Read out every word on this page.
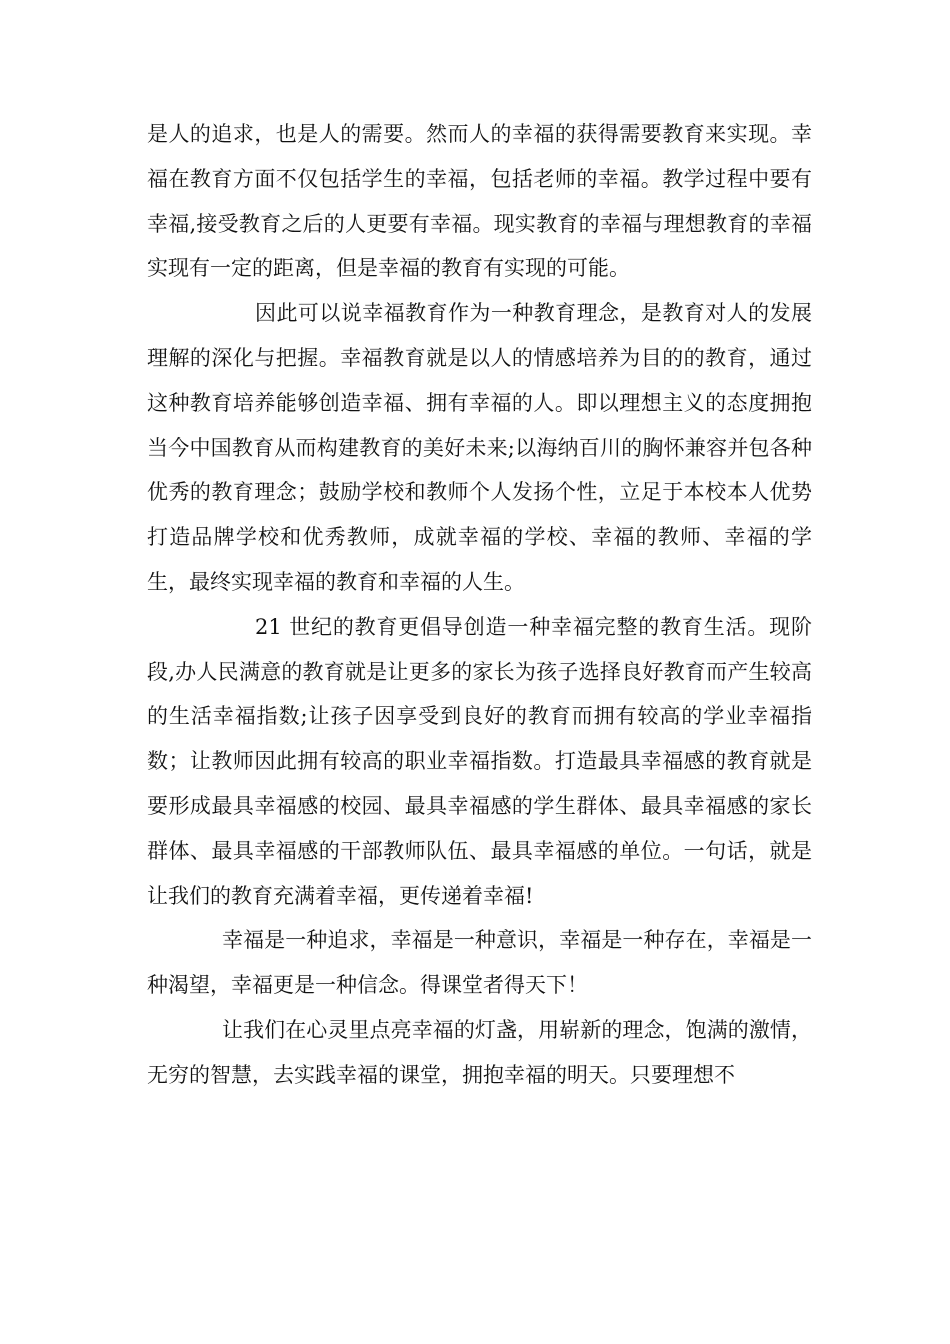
是人的追求，也是人的需要。然而人的幸福的获得需要教育来实现。幸福在教育方面不仅包括学生的幸福，包括老师的幸福。教学过程中要有幸福,接受教育之后的人更要有幸福。现实教育的幸福与理想教育的幸福实现有一定的距离，但是幸福的教育有实现的可能。

因此可以说幸福教育作为一种教育理念，是教育对人的发展理解的深化与把握。幸福教育就是以人的情感培养为目的的教育，通过这种教育培养能够创造幸福、拥有幸福的人。即以理想主义的态度拥抱当今中国教育从而构建教育的美好未来;以海纳百川的胸怀兼容并包各种优秀的教育理念；鼓励学校和教师个人发扬个性，立足于本校本人优势打造品牌学校和优秀教师，成就幸福的学校、幸福的教师、幸福的学生，最终实现幸福的教育和幸福的人生。

21 世纪的教育更倡导创造一种幸福完整的教育生活。现阶段,办人民满意的教育就是让更多的家长为孩子选择良好教育而产生较高的生活幸福指数;让孩子因享受到良好的教育而拥有较高的学业幸福指数；让教师因此拥有较高的职业幸福指数。打造最具幸福感的教育就是要形成最具幸福感的校园、最具幸福感的学生群体、最具幸福感的家长群体、最具幸福感的干部教师队伍、最具幸福感的单位。一句话，就是让我们的教育充满着幸福，更传递着幸福!

幸福是一种追求，幸福是一种意识，幸福是一种存在，幸福是一种渴望，幸福更是一种信念。得课堂者得天下！

让我们在心灵里点亮幸福的灯盏，用崭新的理念，饱满的激情，无穷的智慧，去实践幸福的课堂，拥抱幸福的明天。只要理想不
